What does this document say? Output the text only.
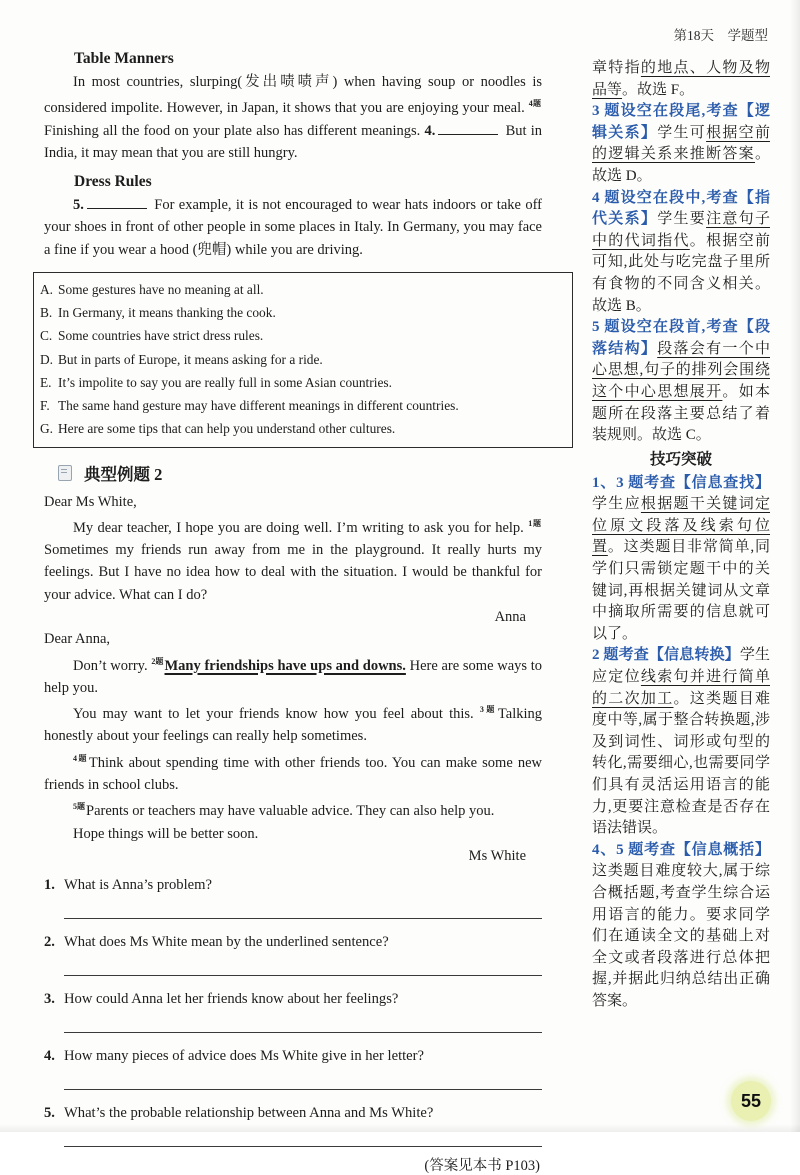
Table Manners

In most countries, slurping(发出啧啧声) when having soup or noodles is considered impolite. However, in Japan, it shows that you are enjoying your meal. $^{4题}$Finishing all the food on your plate also has different meanings. 4.	But in India, it may mean that you are still hungry.

Dress Rules

5.	For example, it is not encouraged to wear hats indoors or take off your shoes in front of other people in some places in Italy. In Germany, you may face a fine if you wear a hood (兜帽) while you are driving.

A. Some gestures have no meaning at all.
B. In Germany, it means thanking the cook.
C. Some countries have strict dress rules.
D. But in parts of Europe, it means asking for a ride.
E. It’s impolite to say you are really full in some Asian countries.
F. The same hand gesture may have different meanings in different countries.
G. Here are some tips that can help you understand other cultures.
典型例题 2

Dear Ms White,

My dear teacher, I hope you are doing well. I’m writing to ask you for help. $^{1题}$Sometimes my friends run away from me in the playground. It really hurts my feelings. But I have no idea how to deal with the situation. I would be thankful for your advice. What can I do?

Anna

Dear Anna,

Don’t worry. $^{2题}$Many friendships have ups and downs. Here are some ways to help you.

You may want to let your friends know how you feel about this. $^{3题}$Talking honestly about your feelings can really help sometimes.

$^{4题}$Think about spending time with other friends too. You can make some new friends in school clubs.

$^{5题}$Parents or teachers may have valuable advice. They can also help you.

Hope things will be better soon.

Ms White

1. What is Anna’s problem?
2. What does Ms White mean by the underlined sentence?
3. How could Anna let her friends know about her feelings?
4. How many pieces of advice does Ms White give in her letter?
5. What’s the probable relationship between Anna and Ms White?
(答案见本书 P103)
第18天　学题型

章特指的地点、人物及物品等。故选 F。

3 题设空在段尾,考查【逻辑关系】学生可根据空前的逻辑关系来推断答案。故选 D。

4 题设空在段中,考查【指代关系】学生要注意句子中的代词指代。根据空前可知,此处与吃完盘子里所有食物的不同含义相关。故选 B。

5 题设空在段首,考查【段落结构】段落会有一个中心思想,句子的排列会围绕这个中心思想展开。如本题所在段落主要总结了着装规则。故选 C。

技巧突破

1、3 题考查【信息查找】学生应根据题干关键词定位原文段落及线索句位置。这类题目非常简单,同学们只需锁定题干中的关键词,再根据关键词从文章中摘取所需要的信息就可以了。

2 题考查【信息转换】学生应定位线索句并进行简单的二次加工。这类题目难度中等,属于整合转换题,涉及到词性、词形或句型的转化,需要细心,也需要同学们具有灵活运用语言的能力,更要注意检查是否存在语法错误。

4、5 题考查【信息概括】这类题目难度较大,属于综合概括题,考查学生综合运用语言的能力。要求同学们在通读全文的基础上对全文或者段落进行总体把握,并据此归纳总结出正确答案。

55
